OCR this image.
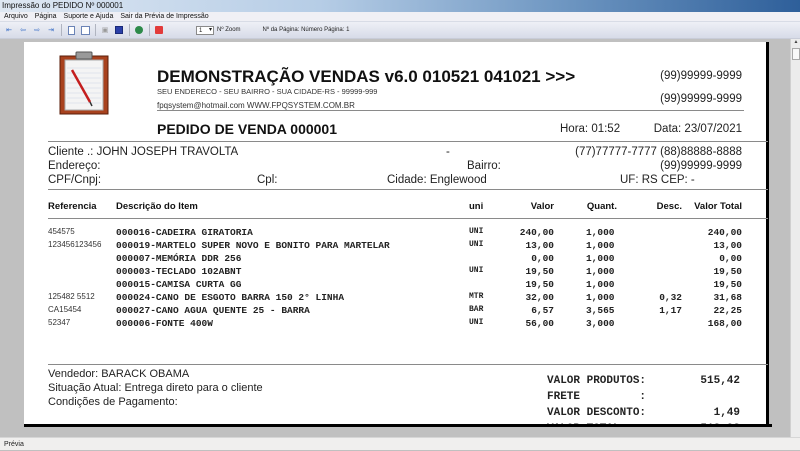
Impressão do PEDIDO Nº 000001
Arquivo Página Suporte e Ajuda Sair da Prévia de Impressão
⇤ ⇦ ⇨ ⇥	▣	1 ▾	Nº Zoom	Nº da Página: Número Página: 1
DEMONSTRAÇÃO VENDAS v6.0 010521 041021 >>>
SEU ENDERECO - SEU BAIRRO - SUA CIDADE-RS - 99999-999
fpqsystem@hotmail.com WWW.FPQSYSTEM.COM.BR
(99)99999-9999
(99)99999-9999
PEDIDO DE VENDA 000001	Hora: 01:52	Data: 23/07/2021
Cliente .: JOHN JOSEPH TRAVOLTA	-	(77)77777-7777 (88)88888-8888
Endereço:	Bairro:	(99)99999-9999
CPF/Cnpj:	Cpl:	Cidade: Englewood	UF: RS CEP: -
Referencia Descrição do Item	uni	Valor	Quant.	Desc. Valor Total
454575	000016-CADEIRA GIRATORIA	UNI	240,00	1,000	240,00
123456123456 000019-MARTELO SUPER NOVO E BONITO PARA MARTELAR	UNI	13,00	1,000	13,00
000007-MEMÓRIA DDR 256	0,00	1,000	0,00
000003-TECLADO 102ABNT	UNI	19,50	1,000	19,50
000015-CAMISA CURTA GG	19,50	1,000	19,50
125482 5512 000024-CANO DE ESGOTO BARRA 150 2° LINHA	MTR	32,00	1,000	0,32	31,68
CA15454	000027-CANO AGUA QUENTE 25 - BARRA	BAR	6,57	3,565	1,17	22,25
52347	000006-FONTE 400W	UNI	56,00	3,000	168,00
Vendedor: BARACK OBAMA
Situação Atual: Entrega direto para o cliente
Condições de Pagamento:
VALOR PRODUTOS:	515,42
FRETE         :
VALOR DESCONTO:	1,49
▲
Prévia
